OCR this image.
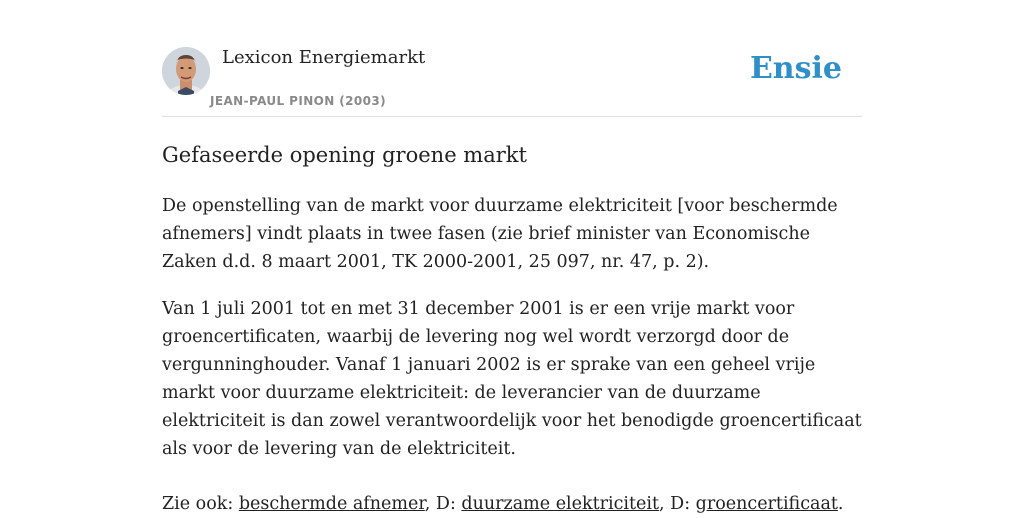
Lexicon Energiemarkt
JEAN-PAUL PINON (2003)
Ensie
Gefaseerde opening groene markt

De openstelling van de markt voor duurzame elektriciteit [voor beschermde afnemers] vindt plaats in twee fasen (zie brief minister van Economische Zaken d.d. 8 maart 2001, TK 2000-2001, 25 097, nr. 47, p. 2).

Van 1 juli 2001 tot en met 31 december 2001 is er een vrije markt voor groencertificaten, waarbij de levering nog wel wordt verzorgd door de vergunninghouder. Vanaf 1 januari 2002 is er sprake van een geheel vrije markt voor duurzame elektriciteit: de leverancier van de duurzame elektriciteit is dan zowel verantwoordelijk voor het benodigde groencertificaat als voor de levering van de elektriciteit.

Zie ook: beschermde afnemer, D: duurzame elektriciteit, D: groencertificaat.
